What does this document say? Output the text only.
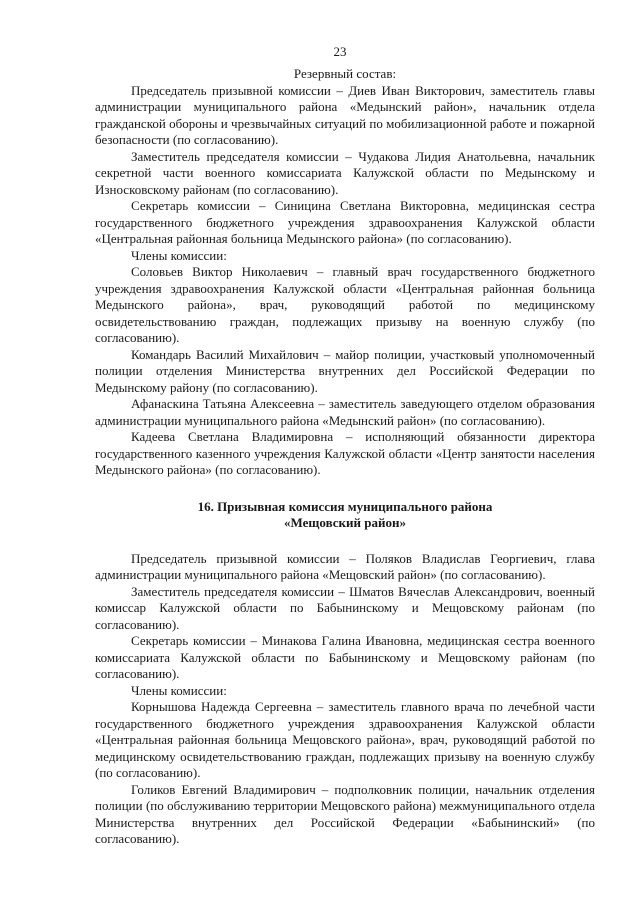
23

Резервный состав:

Председатель призывной комиссии – Диев Иван Викторович, заместитель главы администрации муниципального района «Медынский район», начальник отдела гражданской обороны и чрезвычайных ситуаций по мобилизационной работе и пожарной безопасности (по согласованию).

Заместитель председателя комиссии – Чудакова Лидия Анатольевна, начальник секретной части военного комиссариата Калужской области по Медынскому и Износковскому районам (по согласованию).

Секретарь комиссии – Синицина Светлана Викторовна, медицинская сестра государственного бюджетного учреждения здравоохранения Калужской области «Центральная районная больница Медынского района» (по согласованию).

Члены комиссии:

Соловьев Виктор Николаевич – главный врач государственного бюджетного учреждения здравоохранения Калужской области «Центральная районная больница Медынского района», врач, руководящий работой по медицинскому освидетельствованию граждан, подлежащих призыву на военную службу (по согласованию).

Командарь Василий Михайлович – майор полиции, участковый уполномоченный полиции отделения Министерства внутренних дел Российской Федерации по Медынскому району (по согласованию).

Афанаскина Татьяна Алексеевна – заместитель заведующего отделом образования администрации муниципального района «Медынский район» (по согласованию).

Кадеева Светлана Владимировна – исполняющий обязанности директора государственного казенного учреждения Калужской области «Центр занятости населения Медынского района» (по согласованию).

16. Призывная комиссия муниципального района

«Мещовский район»

Председатель призывной комиссии – Поляков Владислав Георгиевич, глава администрации муниципального района «Мещовский район» (по согласованию).

Заместитель председателя комиссии – Шматов Вячеслав Александрович, военный комиссар Калужской области по Бабынинскому и Мещовскому районам (по согласованию).

Секретарь комиссии – Минакова Галина Ивановна, медицинская сестра военного комиссариата Калужской области по Бабынинскому и Мещовскому районам (по согласованию).

Члены комиссии:

Корнышова Надежда Сергеевна – заместитель главного врача по лечебной части государственного бюджетного учреждения здравоохранения Калужской области «Центральная районная больница Мещовского района», врач, руководящий работой по медицинскому освидетельствованию граждан, подлежащих призыву на военную службу (по согласованию).

Голиков Евгений Владимирович – подполковник полиции, начальник отделения полиции (по обслуживанию территории Мещовского района) межмуниципального отдела Министерства внутренних дел Российской Федерации «Бабынинский» (по согласованию).
